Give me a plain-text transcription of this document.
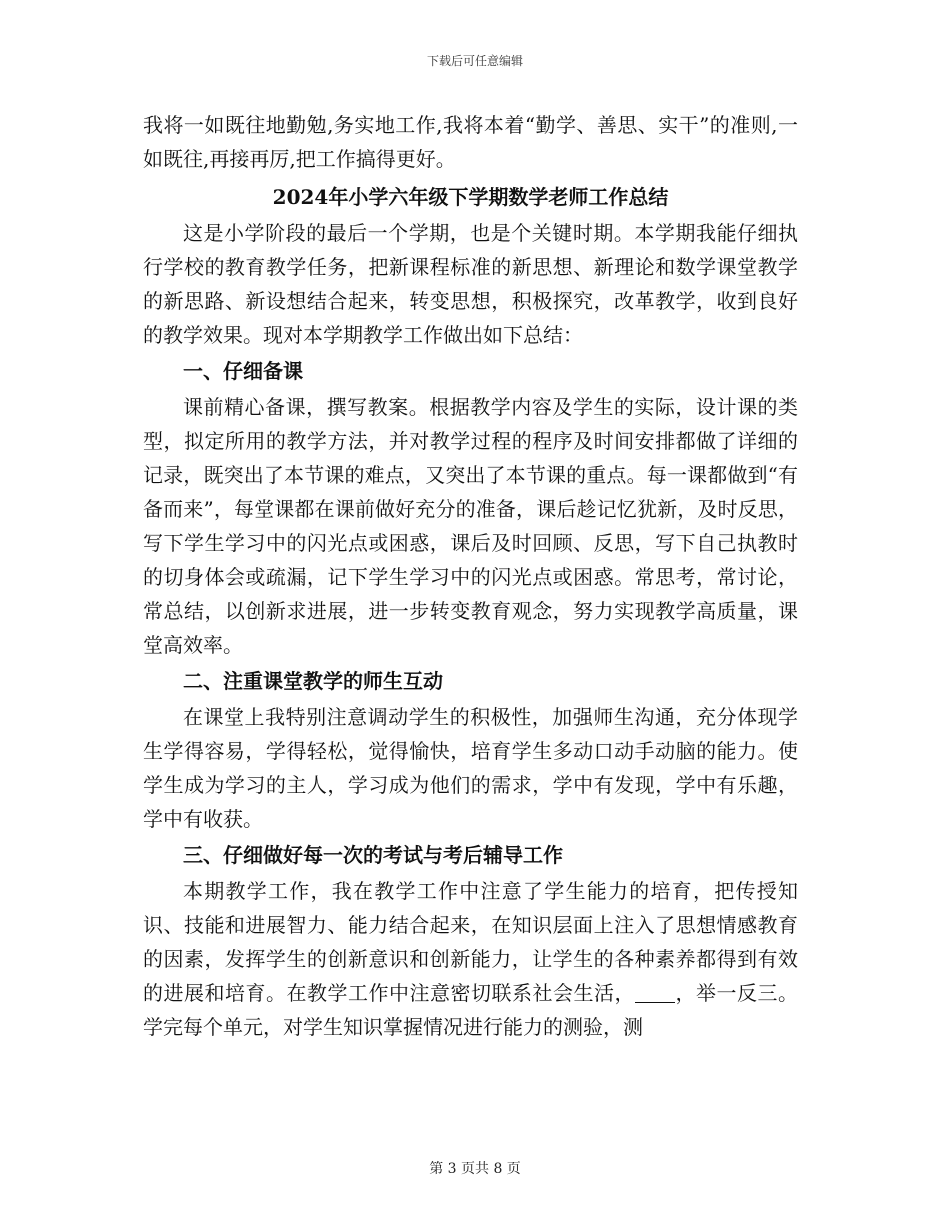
下载后可任意编辑

我将一如既往地勤勉,务实地工作,我将本着“勤学、善思、实干”的准则,一如既往,再接再厉,把工作搞得更好。

2024年小学六年级下学期数学老师工作总结

这是小学阶段的最后一个学期，也是个关键时期。本学期我能仔细执行学校的教育教学任务，把新课程标准的新思想、新理论和数学课堂教学的新思路、新设想结合起来，转变思想，积极探究，改革教学，收到良好的教学效果。现对本学期教学工作做出如下总结：

一、仔细备课

课前精心备课，撰写教案。根据教学内容及学生的实际，设计课的类型，拟定所用的教学方法，并对教学过程的程序及时间安排都做了详细的记录，既突出了本节课的难点，又突出了本节课的重点。每一课都做到“有备而来”，每堂课都在课前做好充分的准备，课后趁记忆犹新，及时反思，写下学生学习中的闪光点或困惑，课后及时回顾、反思，写下自己执教时的切身体会或疏漏，记下学生学习中的闪光点或困惑。常思考，常讨论，常总结，以创新求进展，进一步转变教育观念，努力实现教学高质量，课堂高效率。

二、注重课堂教学的师生互动

在课堂上我特别注意调动学生的积极性，加强师生沟通，充分体现学生学得容易，学得轻松，觉得愉快，培育学生多动口动手动脑的能力。使学生成为学习的主人，学习成为他们的需求，学中有发现，学中有乐趣，学中有收获。

三、仔细做好每一次的考试与考后辅导工作

本期教学工作，我在教学工作中注意了学生能力的培育，把传授知识、技能和进展智力、能力结合起来，在知识层面上注入了思想情感教育的因素，发挥学生的创新意识和创新能力，让学生的各种素养都得到有效的进展和培育。在教学工作中注意密切联系社会生活， ，举一反三。学完每个单元，对学生知识掌握情况进行能力的测验，测

第 3 页共 8 页
